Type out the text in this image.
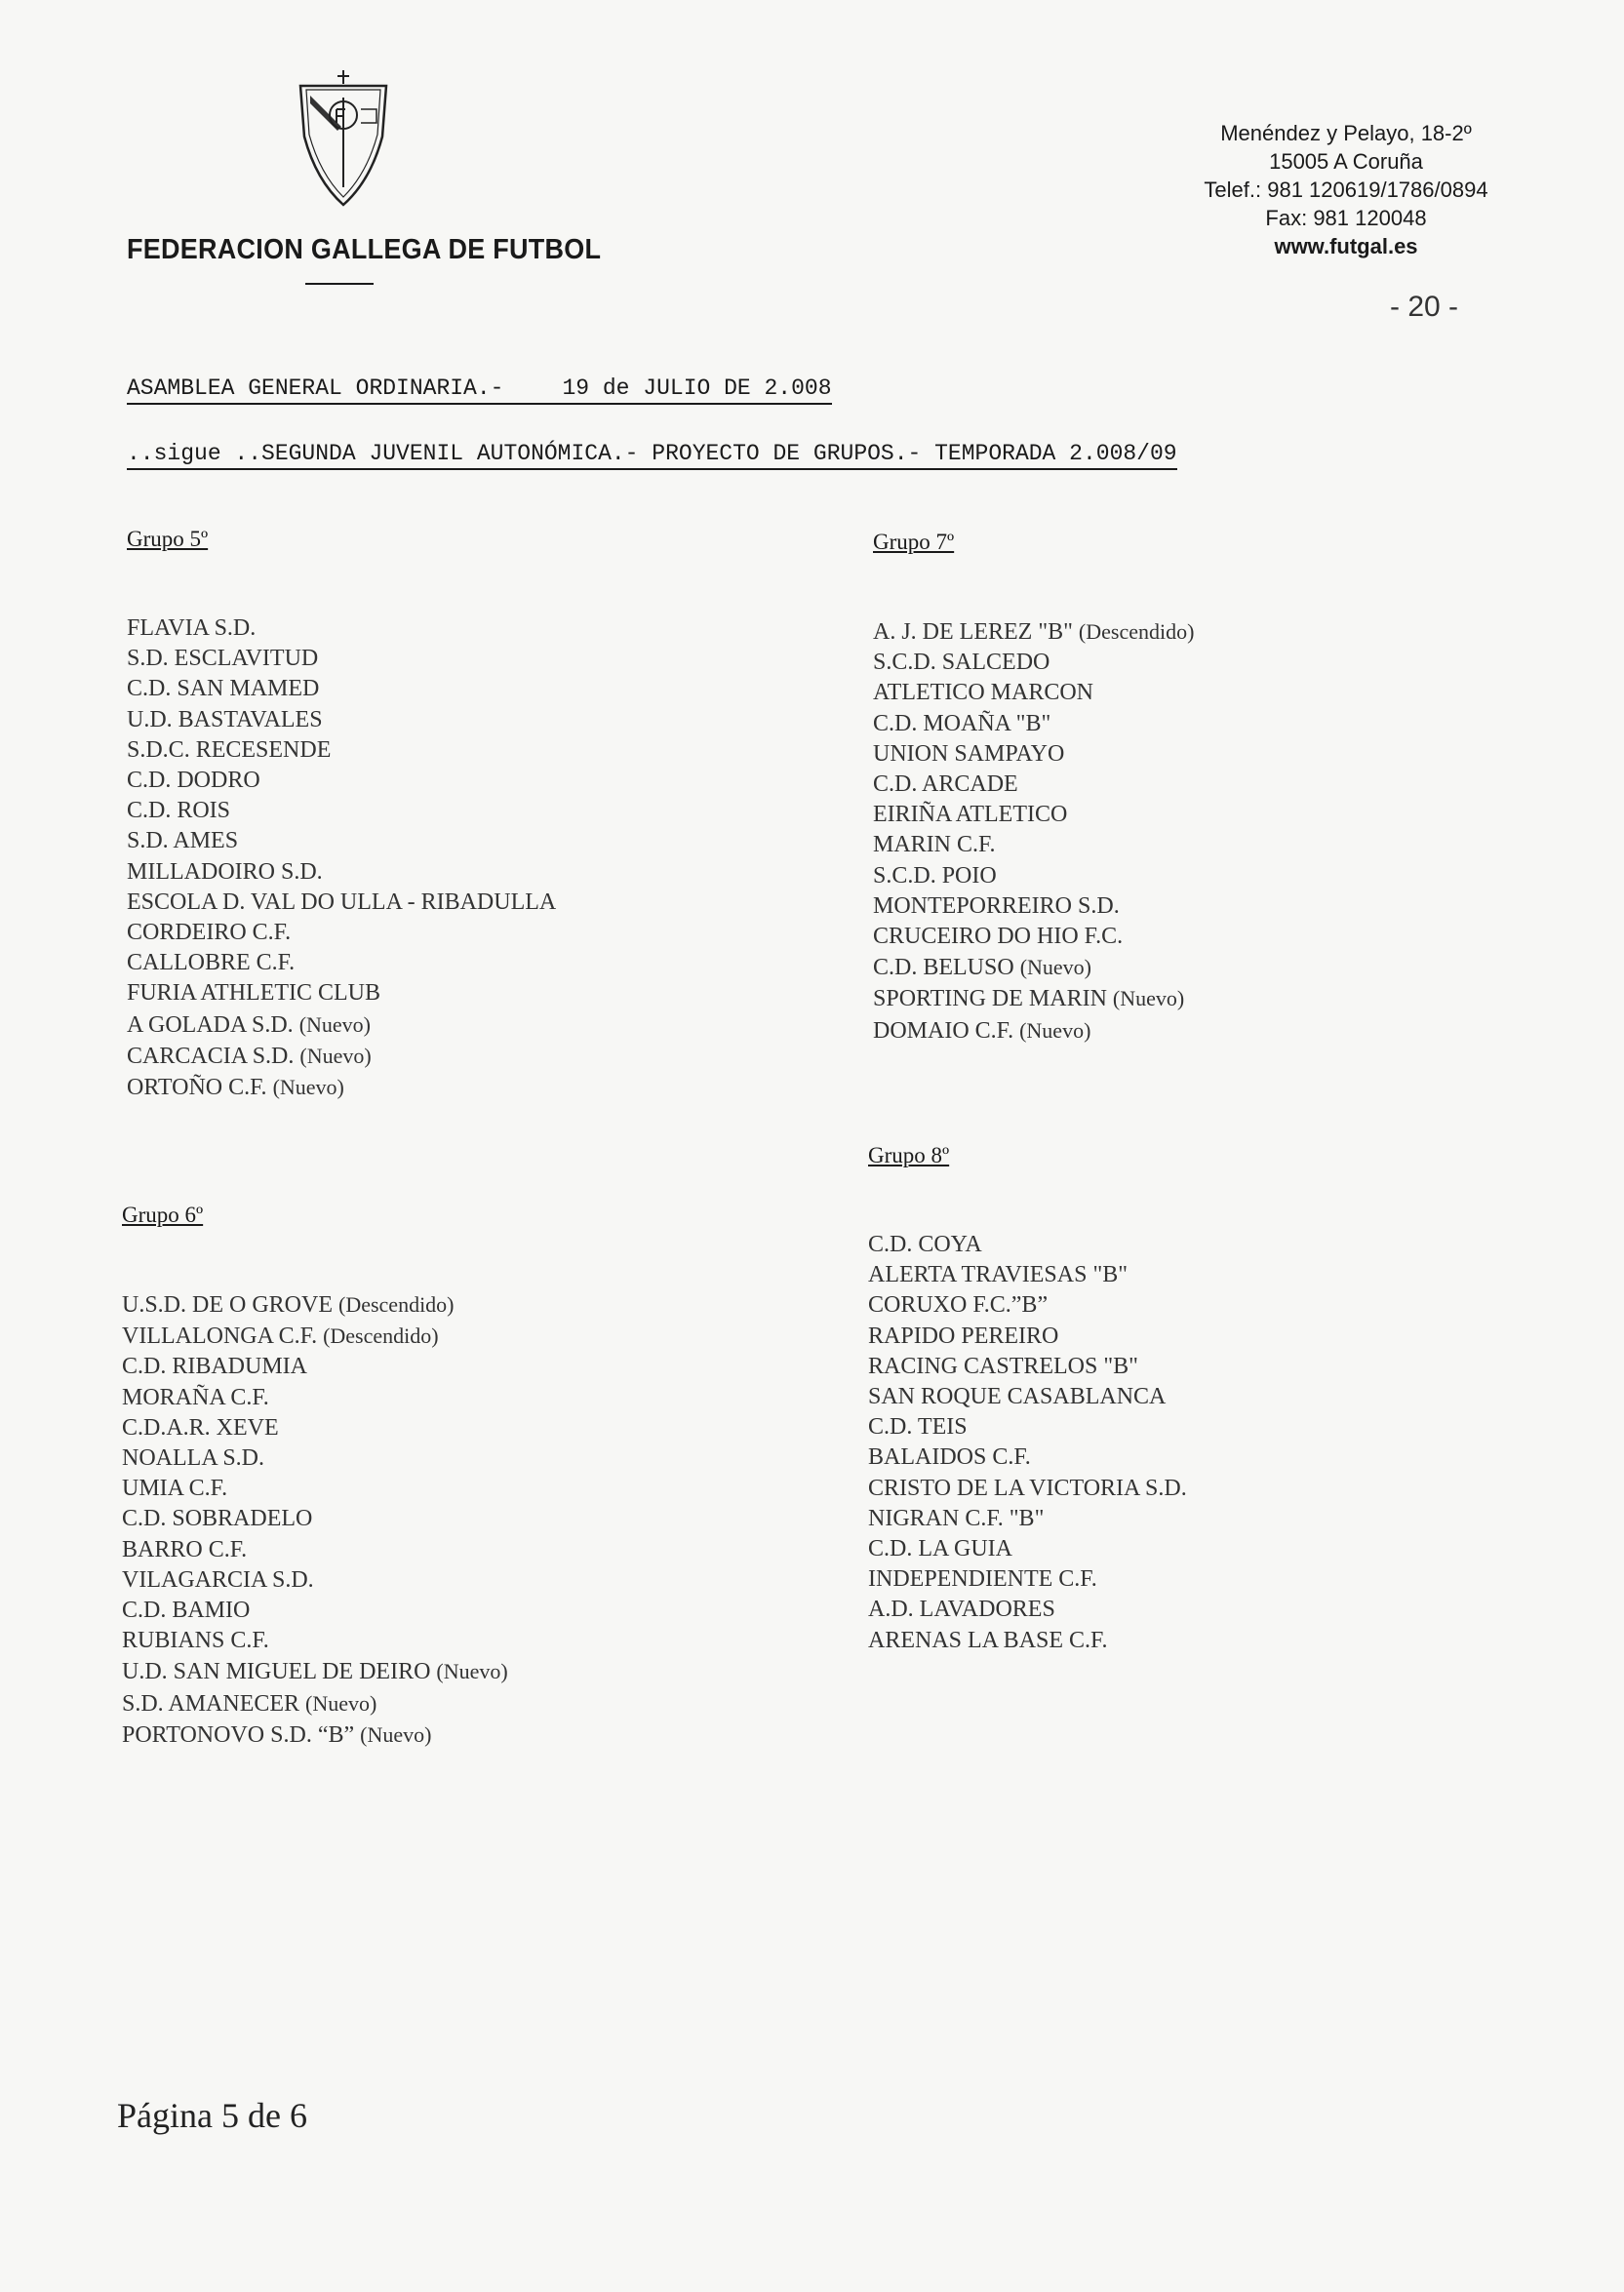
FEDERACION GALLEGA DE FUTBOL
Menéndez y Pelayo, 18-2º
15005 A Coruña
Telef.: 981 120619/1786/0894
Fax: 981 120048
www.futgal.es
- 20 -
ASAMBLEA GENERAL ORDINARIA.-	19 de JULIO DE 2.008
..sigue ..SEGUNDA JUVENIL AUTONÓMICA.- PROYECTO DE GRUPOS.- TEMPORADA 2.008/09
Grupo 5º
FLAVIA S.D.
S.D. ESCLAVITUD
C.D. SAN MAMED
U.D. BASTAVALES
S.D.C. RECESENDE
C.D. DODRO
C.D. ROIS
S.D. AMES
MILLADOIRO S.D.
ESCOLA D. VAL DO ULLA - RIBADULLA
CORDEIRO C.F.
CALLOBRE C.F.
FURIA ATHLETIC CLUB
A GOLADA S.D. (Nuevo)
CARCACIA S.D. (Nuevo)
ORTOÑO C.F. (Nuevo)
Grupo 6º
U.S.D. DE O GROVE (Descendido)
VILLALONGA C.F. (Descendido)
C.D. RIBADUMIA
MORAÑA C.F.
C.D.A.R. XEVE
NOALLA S.D.
UMIA C.F.
C.D. SOBRADELO
BARRO C.F.
VILAGARCIA S.D.
C.D. BAMIO
RUBIANS C.F.
U.D. SAN MIGUEL DE DEIRO (Nuevo)
S.D. AMANECER (Nuevo)
PORTONOVO S.D. “B” (Nuevo)
Grupo 7º
A. J. DE LEREZ "B" (Descendido)
S.C.D. SALCEDO
ATLETICO MARCON
C.D. MOAÑA "B"
UNION SAMPAYO
C.D. ARCADE
EIRIÑA ATLETICO
MARIN C.F.
S.C.D. POIO
MONTEPORREIRO S.D.
CRUCEIRO DO HIO F.C.
C.D. BELUSO (Nuevo)
SPORTING DE MARIN (Nuevo)
DOMAIO C.F. (Nuevo)
Grupo 8º
C.D. COYA
ALERTA TRAVIESAS "B"
CORUXO F.C.”B”
RAPIDO PEREIRO
RACING CASTRELOS "B"
SAN ROQUE CASABLANCA
C.D. TEIS
BALAIDOS C.F.
CRISTO DE LA VICTORIA S.D.
NIGRAN C.F. "B"
C.D. LA GUIA
INDEPENDIENTE C.F.
A.D. LAVADORES
ARENAS LA BASE C.F.
Página 5 de 6
